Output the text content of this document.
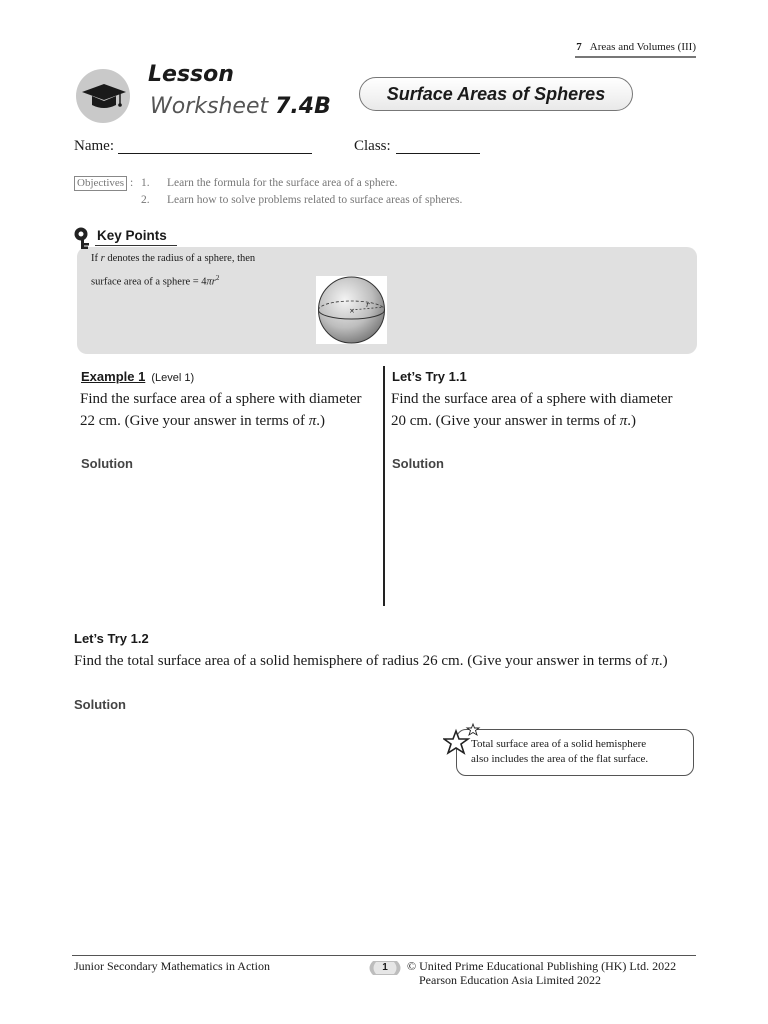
7 Areas and Volumes (III)
Lesson
Worksheet 7.4B
Surface Areas of Spheres
Name:	Class:
Objectives : 1. Learn the formula for the surface area of a sphere.
2. Learn how to solve problems related to surface areas of spheres.
Key Points
If r denotes the radius of a sphere, then
surface area of a sphere = $4\pi r^2$
×
r
Example 1 (Level 1)
Find the surface area of a sphere with diameter
22 cm. (Give your answer in terms of π.)
Solution
Let’s Try 1.1
Find the surface area of a sphere with diameter
20 cm. (Give your answer in terms of π.)
Solution
Let’s Try 1.2
Find the total surface area of a solid hemisphere of radius 26 cm. (Give your answer in terms of π.)
Solution
Total surface area of a solid hemisphere
also includes the area of the flat surface.
Junior Secondary Mathematics in Action	1	© United Prime Educational Publishing (HK) Ltd. 2022
Pearson Education Asia Limited 2022
